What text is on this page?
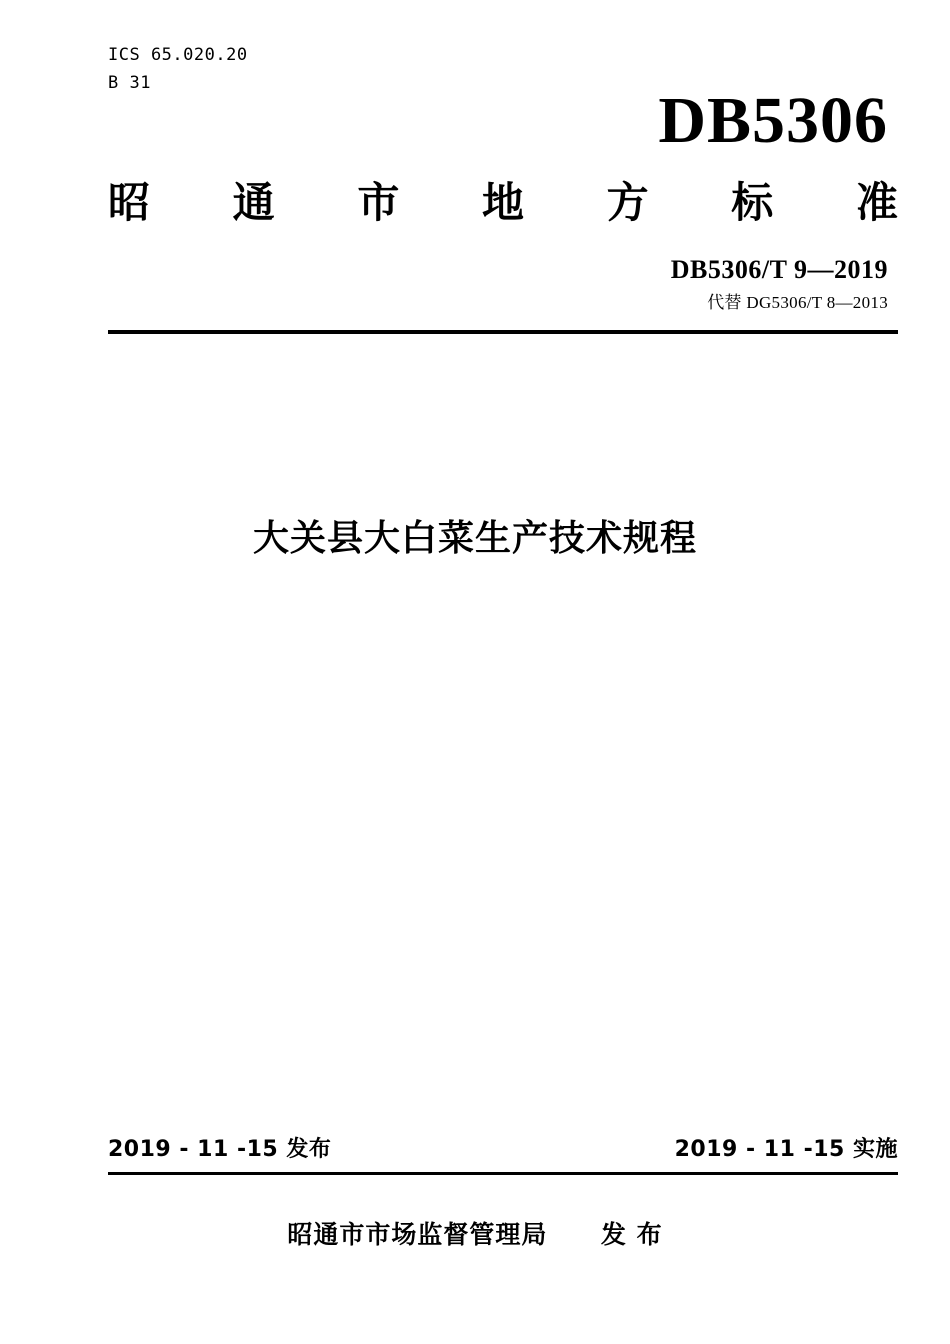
ICS 65.020.20
B 31
DB5306
昭 通 市 地 方 标 准
DB5306/T 9—2019
代替 DG5306/T 8—2013
大关县大白菜生产技术规程
2019 - 11 -15 发布	2019 - 11 -15 实施
昭通市市场监督管理局 发 布
